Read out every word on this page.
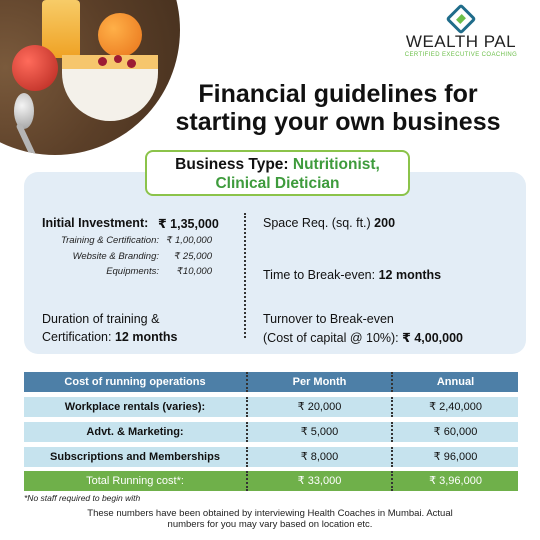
WEALTH PAL
CERTIFIED EXECUTIVE COACHING
Financial guidelines for
starting your own business
Business Type: Nutritionist,
Clinical Dietician
Initial Investment: ₹ 1,35,000
Training & Certification: ₹ 1,00,000
Website & Branding:	₹ 25,000
Equipments:	₹10,000
Duration of training &
Certification: 12 months
Space Req. (sq. ft.) 200
Time to Break-even: 12 months
Turnover to Break-even
(Cost of capital @ 10%): ₹ 4,00,000
Cost of running operations	Per Month	Annual
Workplace rentals (varies):	₹ 20,000	₹ 2,40,000
Advt. & Marketing:	₹ 5,000	₹ 60,000
Subscriptions and Memberships	₹ 8,000	₹ 96,000
Total Running cost*:	₹ 33,000	₹ 3,96,000
*No staff required to begin with
These numbers have been obtained by interviewing Health Coaches in Mumbai. Actual
numbers for you may vary based on location etc.
